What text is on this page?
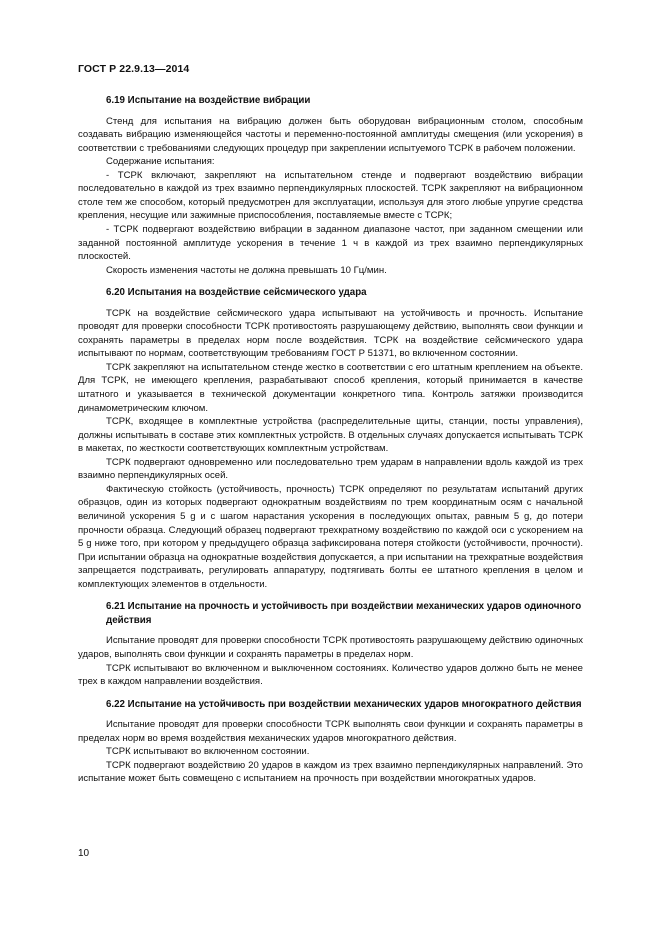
ГОСТ Р 22.9.13—2014
6.19 Испытание на воздействие вибрации

Стенд для испытания на вибрацию должен быть оборудован вибрационным столом, способным создавать вибрацию изменяющейся частоты и переменно-постоянной амплитуды смещения (или ускорения) в соответствии с требованиями следующих процедур при закреплении испытуемого ТСРК в рабочем положении.

Содержание испытания:

- ТСРК включают, закрепляют на испытательном стенде и подвергают воздействию вибрации последовательно в каждой из трех взаимно перпендикулярных плоскостей. ТСРК закрепляют на вибрационном столе тем же способом, который предусмотрен для эксплуатации, используя для этого любые упругие средства крепления, несущие или зажимные приспособления, поставляемые вместе с ТСРК;

- ТСРК подвергают воздействию вибрации в заданном диапазоне частот, при заданном смещении или заданной постоянной амплитуде ускорения в течение 1 ч в каждой из трех взаимно перпендикулярных плоскостей.

Скорость изменения частоты не должна превышать 10 Гц/мин.

6.20 Испытания на воздействие сейсмического удара

ТСРК на воздействие сейсмического удара испытывают на устойчивость и прочность. Испытание проводят для проверки способности ТСРК противостоять разрушающему действию, выполнять свои функции и сохранять параметры в пределах норм после воздействия. ТСРК на воздействие сейсмического удара испытывают по нормам, соответствующим требованиям ГОСТ Р 51371, во включенном состоянии.

ТСРК закрепляют на испытательном стенде жестко в соответствии с его штатным креплением на объекте. Для ТСРК, не имеющего крепления, разрабатывают способ крепления, который принимается в качестве штатного и указывается в технической документации конкретного типа. Контроль затяжки производится динамометрическим ключом.

ТСРК, входящее в комплектные устройства (распределительные щиты, станции, посты управления), должны испытывать в составе этих комплектных устройств. В отдельных случаях допускается испытывать ТСРК в макетах, по жесткости соответствующих комплектным устройствам.

ТСРК подвергают одновременно или последовательно трем ударам в направлении вдоль каждой из трех взаимно перпендикулярных осей.

Фактическую стойкость (устойчивость, прочность) ТСРК определяют по результатам испытаний других образцов, один из которых подвергают однократным воздействиям по трем координатным осям с начальной величиной ускорения 5 g и с шагом нарастания ускорения в последующих опытах, равным 5 g, до потери прочности образца. Следующий образец подвергают трехкратному воздействию по каждой оси с ускорением на 5 g ниже того, при котором у предыдущего образца зафиксирована потеря стойкости (устойчивости, прочности). При испытании образца на однократные воздействия допускается, а при испытании на трехкратные воздействия запрещается подстраивать, регулировать аппаратуру, подтягивать болты ее штатного крепления в целом и комплектующих элементов в отдельности.

6.21 Испытание на прочность и устойчивость при воздействии механических ударов одиночного действия

Испытание проводят для проверки способности ТСРК противостоять разрушающему действию одиночных ударов, выполнять свои функции и сохранять параметры в пределах норм.

ТСРК испытывают во включенном и выключенном состояниях. Количество ударов должно быть не менее трех в каждом направлении воздействия.

6.22 Испытание на устойчивость при воздействии механических ударов многократного действия

Испытание проводят для проверки способности ТСРК выполнять свои функции и сохранять параметры в пределах норм во время воздействия механических ударов многократного действия.

ТСРК испытывают во включенном состоянии.

ТСРК подвергают воздействию 20 ударов в каждом из трех взаимно перпендикулярных направлений. Это испытание может быть совмещено с испытанием на прочность при воздействии многократных ударов.

10
